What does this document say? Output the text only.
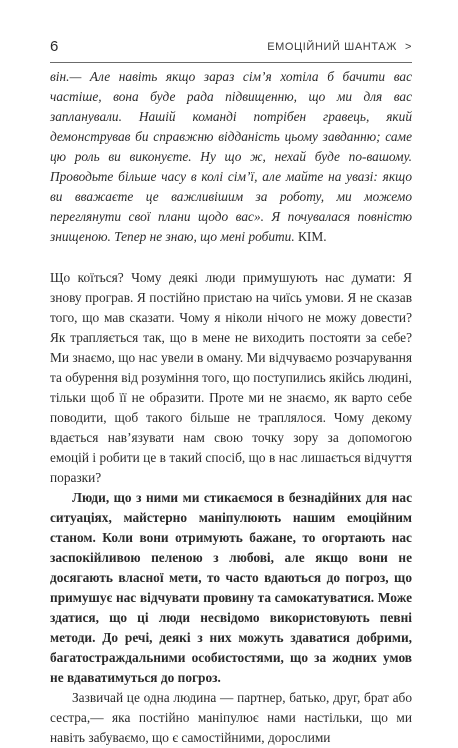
6	ЕМОЦІЙНИЙ ШАНТАЖ >

він.— Але навіть якщо зараз сім’я хотіла б бачити вас частіше, вона буде рада підвищенню, що ми для вас запланували. Нашій команді потрібен гравець, який демонстрував би справжню відданість цьому завданню; саме цю роль ви виконуєте. Ну що ж, нехай буде по-вашому. Проводьте більше часу в колі сім’ї, але майте на увазі: якщо ви вважаєте це важливішим за роботу, ми можемо переглянути свої плани щодо вас». Я почувалася повністю знищеною. Тепер не знаю, що мені робити. КІМ.

Що коїться? Чому деякі люди примушують нас думати: Я знову програв. Я постійно пристаю на чиїсь умови. Я не сказав того, що мав сказати. Чому я ніколи нічого не можу довести? Як трапляється так, що в мене не виходить постояти за себе? Ми знаємо, що нас увели в оману. Ми відчуваємо розчарування та обурення від розуміння того, що поступились якійсь людині, тільки щоб її не образити. Проте ми не знаємо, як варто себе поводити, щоб такого більше не траплялося. Чому декому вдається нав’язувати нам свою точку зору за допомогою емоцій і робити це в такий спосіб, що в нас лишається відчуття поразки?

Люди, що з ними ми стикаємося в безнадійних для нас ситуаціях, майстерно маніпулюють нашим емоційним станом. Коли вони отримують бажане, то огортають нас заспокійливою пеленою з любові, але якщо вони не досягають власної мети, то часто вдаються до погроз, що примушує нас відчувати провину та самокатуватися. Може здатися, що ці люди несвідомо використовують певні методи. До речі, деякі з них можуть здаватися добрими, багатостраждальними особистостями, що за жодних умов не вдаватимуться до погроз.

Зазвичай це одна людина — партнер, батько, друг, брат або сестра,— яка постійно маніпулює нами настільки, що ми навіть забуваємо, що є самостійними, дорослими
